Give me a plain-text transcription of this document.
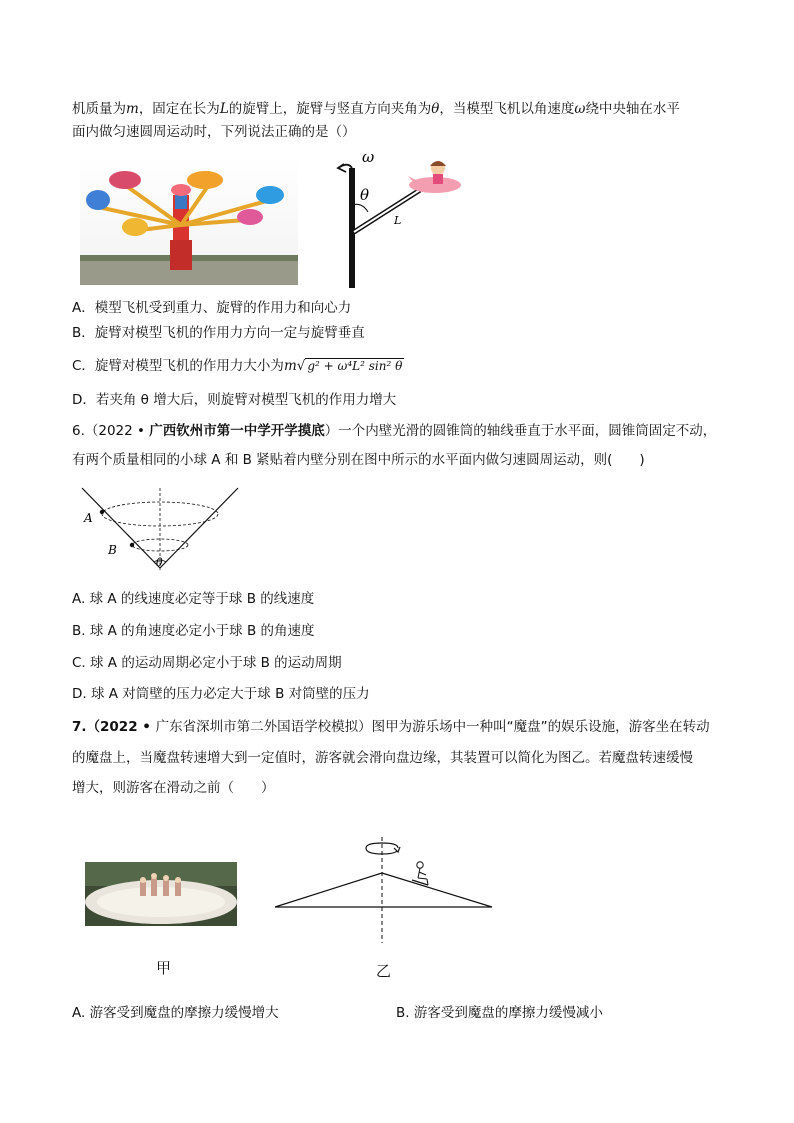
机质量为m，固定在长为L的旋臂上，旋臂与竖直方向夹角为θ，当模型飞机以角速度ω绕中央轴在水平
面内做匀速圆周运动时，下列说法正确的是（）
ω
θ
L
A．模型飞机受到重力、旋臂的作用力和向心力
B．旋臂对模型飞机的作用力方向一定与旋臂垂直
C．旋臂对模型飞机的作用力大小为m√ g² + ω⁴L² sin² θ
D．若夹角 θ 增大后，则旋臂对模型飞机的作用力增大
6.（2022 • 广西钦州市第一中学开学摸底）一个内壁光滑的圆锥筒的轴线垂直于水平面，圆锥筒固定不动，
有两个质量相同的小球 A 和 B 紧贴着内壁分别在图中所示的水平面内做匀速圆周运动，则(　　)
A
B
θ
A. 球 A 的线速度必定等于球 B 的线速度
B. 球 A 的角速度必定小于球 B 的角速度
C. 球 A 的运动周期必定小于球 B 的运动周期
D. 球 A 对筒壁的压力必定大于球 B 对筒壁的压力
7.（2022 • 广东省深圳市第二外国语学校模拟）图甲为游乐场中一种叫“魔盘”的娱乐设施，游客坐在转动
的魔盘上，当魔盘转速增大到一定值时，游客就会滑向盘边缘，其装置可以简化为图乙。若魔盘转速缓慢
增大，则游客在滑动之前（　　）
甲	乙
A. 游客受到魔盘的摩擦力缓慢增大	B. 游客受到魔盘的摩擦力缓慢减小
